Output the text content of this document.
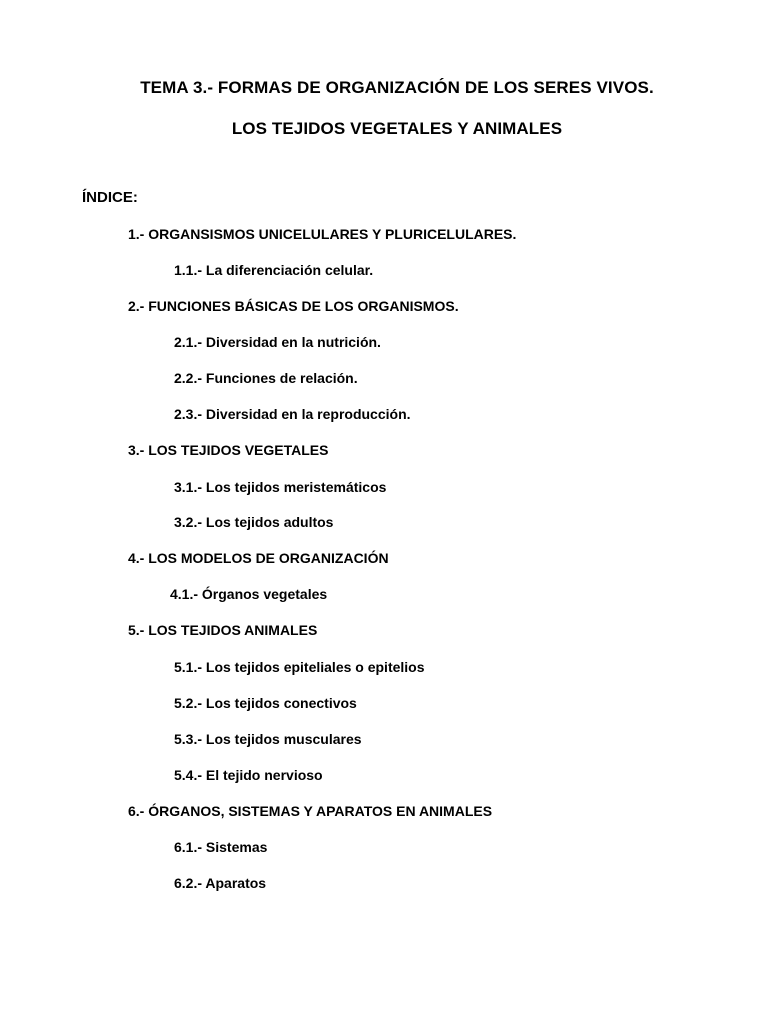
TEMA 3.- FORMAS DE ORGANIZACIÓN DE LOS SERES VIVOS.
LOS TEJIDOS VEGETALES Y ANIMALES
ÍNDICE:
1.- ORGANSISMOS UNICELULARES Y PLURICELULARES.
1.1.- La diferenciación celular.
2.- FUNCIONES BÁSICAS DE LOS ORGANISMOS.
2.1.- Diversidad en la nutrición.
2.2.- Funciones de relación.
2.3.- Diversidad en la reproducción.
3.- LOS TEJIDOS VEGETALES
3.1.- Los tejidos meristemáticos
3.2.- Los tejidos adultos
4.- LOS MODELOS DE ORGANIZACIÓN
4.1.- Órganos vegetales
5.- LOS TEJIDOS ANIMALES
5.1.- Los tejidos epiteliales o epitelios
5.2.- Los tejidos conectivos
5.3.- Los tejidos musculares
5.4.- El tejido nervioso
6.- ÓRGANOS, SISTEMAS Y APARATOS EN ANIMALES
6.1.- Sistemas
6.2.- Aparatos
